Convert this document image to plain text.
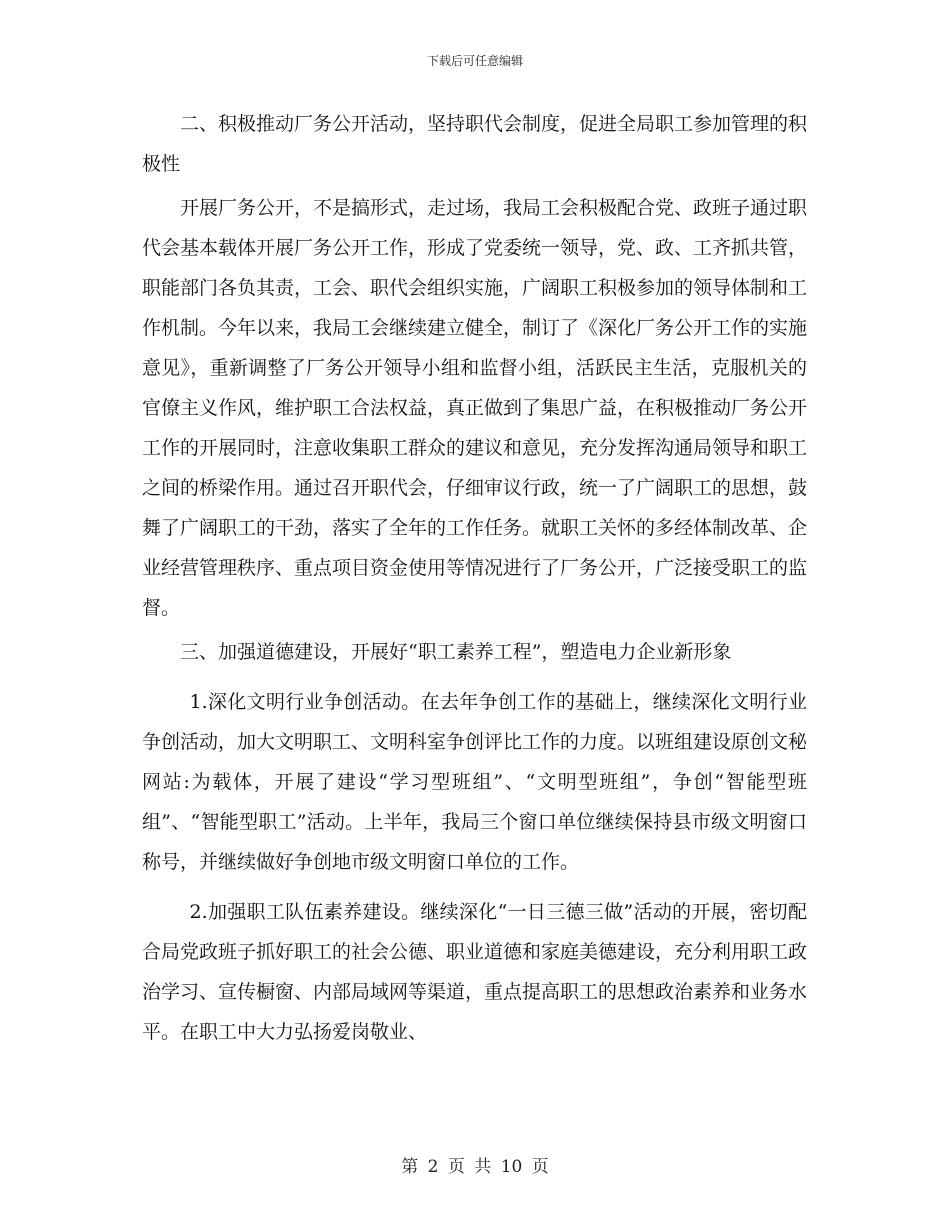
下载后可任意编辑

二、积极推动厂务公开活动，坚持职代会制度，促进全局职工参加管理的积极性

开展厂务公开，不是搞形式，走过场，我局工会积极配合党、政班子通过职代会基本载体开展厂务公开工作，形成了党委统一领导，党、政、工齐抓共管，职能部门各负其责，工会、职代会组织实施，广阔职工积极参加的领导体制和工作机制。今年以来，我局工会继续建立健全，制订了《深化厂务公开工作的实施意见》，重新调整了厂务公开领导小组和监督小组，活跃民主生活，克服机关的官僚主义作风，维护职工合法权益，真正做到了集思广益，在积极推动厂务公开工作的开展同时，注意收集职工群众的建议和意见，充分发挥沟通局领导和职工之间的桥梁作用。通过召开职代会，仔细审议行政，统一了广阔职工的思想，鼓舞了广阔职工的干劲，落实了全年的工作任务。就职工关怀的多经体制改革、企业经营管理秩序、重点项目资金使用等情况进行了厂务公开，广泛接受职工的监督。

三、加强道德建设，开展好“职工素养工程”，塑造电力企业新形象

1.深化文明行业争创活动。在去年争创工作的基础上，继续深化文明行业争创活动，加大文明职工、文明科室争创评比工作的力度。以班组建设原创文秘网站:为载体，开展了建设“学习型班组”、“文明型班组”，争创“智能型班组”、“智能型职工”活动。上半年，我局三个窗口单位继续保持县市级文明窗口称号，并继续做好争创地市级文明窗口单位的工作。

2.加强职工队伍素养建设。继续深化“一日三德三做”活动的开展，密切配合局党政班子抓好职工的社会公德、职业道德和家庭美德建设，充分利用职工政治学习、宣传橱窗、内部局域网等渠道，重点提高职工的思想政治素养和业务水平。在职工中大力弘扬爱岗敬业、

第 2 页 共 10 页
